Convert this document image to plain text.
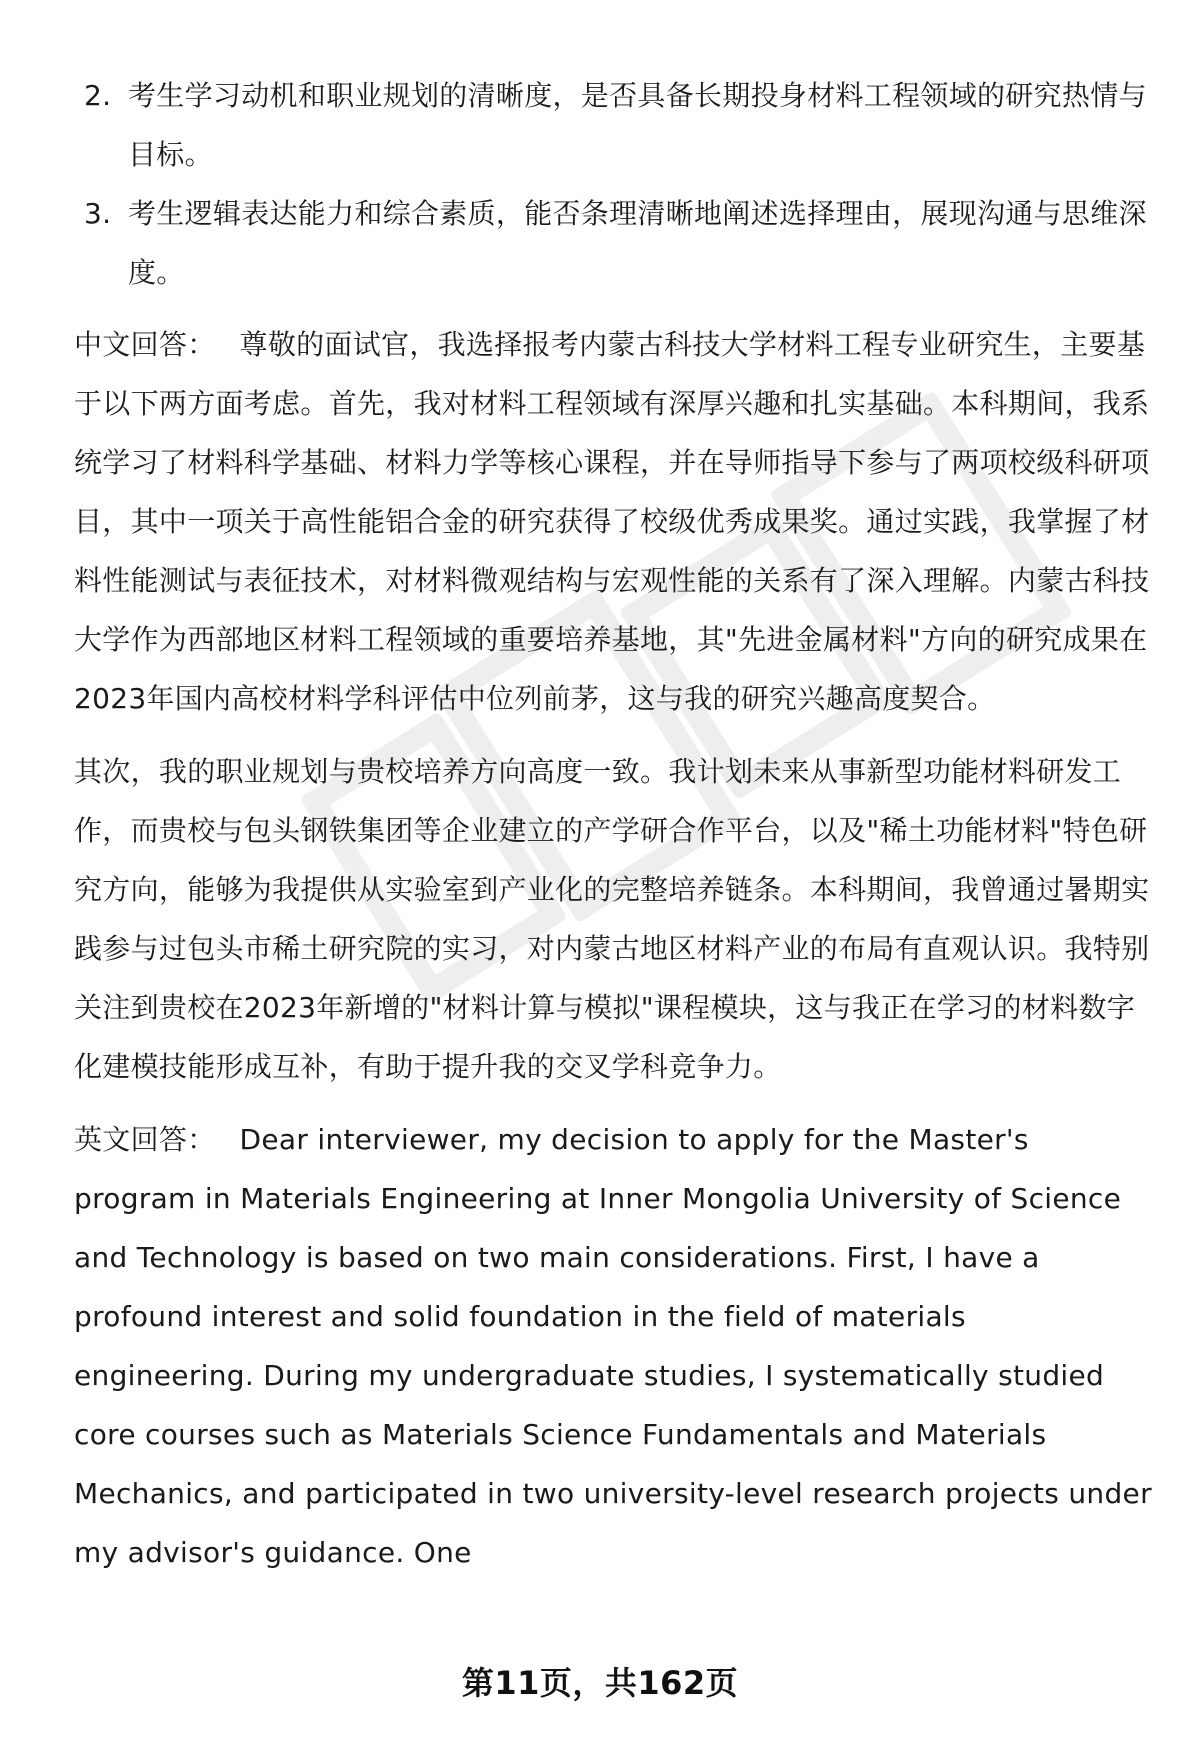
2. 考生学习动机和职业规划的清晰度，是否具备长期投身材料工程领域的研究热情与目标。
3. 考生逻辑表达能力和综合素质，能否条理清晰地阐述选择理由，展现沟通与思维深度。

中文回答： 尊敬的面试官，我选择报考内蒙古科技大学材料工程专业研究生，主要基于以下两方面考虑。首先，我对材料工程领域有深厚兴趣和扎实基础。本科期间，我系统学习了材料科学基础、材料力学等核心课程，并在导师指导下参与了两项校级科研项目，其中一项关于高性能铝合金的研究获得了校级优秀成果奖。通过实践，我掌握了材料性能测试与表征技术，对材料微观结构与宏观性能的关系有了深入理解。内蒙古科技大学作为西部地区材料工程领域的重要培养基地，其"先进金属材料"方向的研究成果在2023年国内高校材料学科评估中位列前茅，这与我的研究兴趣高度契合。

其次，我的职业规划与贵校培养方向高度一致。我计划未来从事新型功能材料研发工作，而贵校与包头钢铁集团等企业建立的产学研合作平台，以及"稀土功能材料"特色研究方向，能够为我提供从实验室到产业化的完整培养链条。本科期间，我曾通过暑期实践参与过包头市稀土研究院的实习，对内蒙古地区材料产业的布局有直观认识。我特别关注到贵校在2023年新增的"材料计算与模拟"课程模块，这与我正在学习的材料数字化建模技能形成互补，有助于提升我的交叉学科竞争力。

英文回答： Dear interviewer, my decision to apply for the Master's program in Materials Engineering at Inner Mongolia University of Science and Technology is based on two main considerations. First, I have a profound interest and solid foundation in the field of materials engineering. During my undergraduate studies, I systematically studied core courses such as Materials Science Fundamentals and Materials Mechanics, and participated in two university-level research projects under my advisor's guidance. One

第11页，共162页
